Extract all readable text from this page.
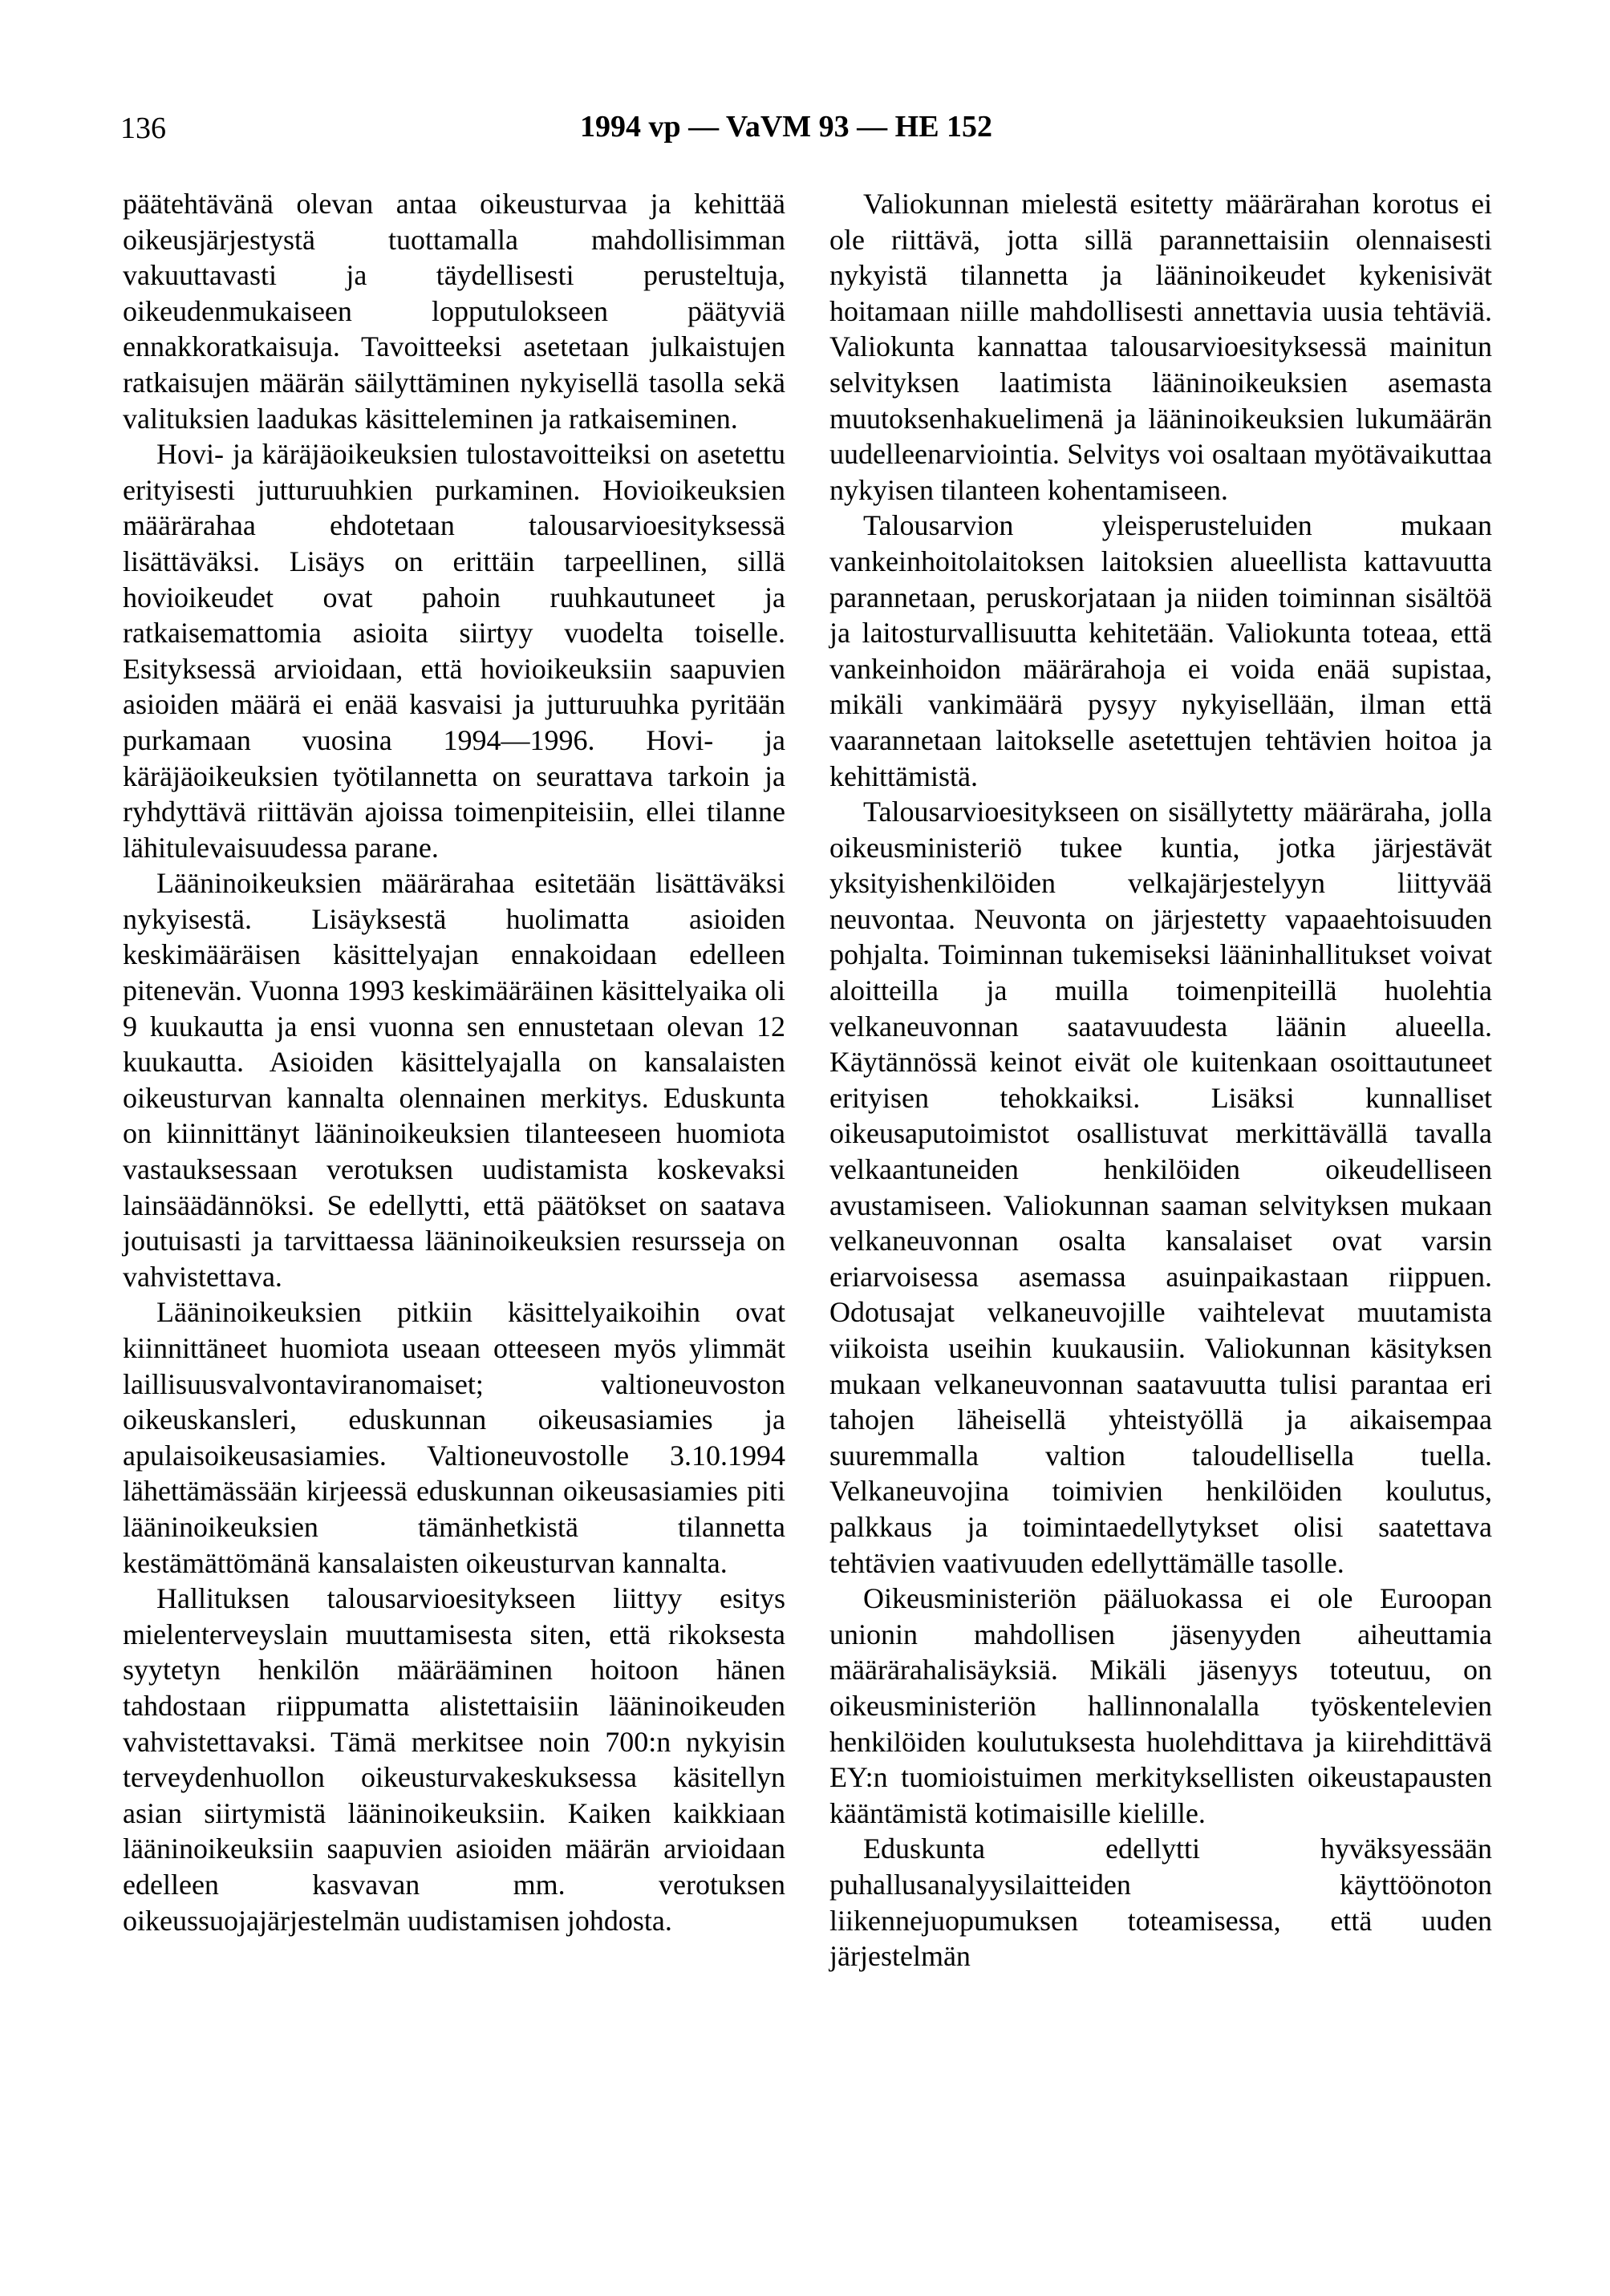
136	1994 vp — VaVM 93 — HE 152

päätehtävänä olevan antaa oikeusturvaa ja kehittää oikeusjärjestystä tuottamalla mahdollisimman vakuuttavasti ja täydellisesti perusteltuja, oikeudenmukaiseen lopputulokseen päätyviä ennakkoratkaisuja. Tavoitteeksi asetetaan julkaistujen ratkaisujen määrän säilyttäminen nykyisellä tasolla sekä valituksien laadukas käsitteleminen ja ratkaiseminen.

Hovi- ja käräjäoikeuksien tulostavoitteiksi on asetettu erityisesti jutturuuhkien purkaminen. Hovioikeuksien määrärahaa ehdotetaan talousarvioesityksessä lisättäväksi. Lisäys on erittäin tarpeellinen, sillä hovioikeudet ovat pahoin ruuhkautuneet ja ratkaisemattomia asioita siirtyy vuodelta toiselle. Esityksessä arvioidaan, että hovioikeuksiin saapuvien asioiden määrä ei enää kasvaisi ja jutturuuhka pyritään purkamaan vuosina 1994—1996. Hovi- ja käräjäoikeuksien työtilannetta on seurattava tarkoin ja ryhdyttävä riittävän ajoissa toimenpiteisiin, ellei tilanne lähitulevaisuudessa parane.

Lääninoikeuksien määrärahaa esitetään lisättäväksi nykyisestä. Lisäyksestä huolimatta asioiden keskimääräisen käsittelyajan ennakoidaan edelleen pitenevän. Vuonna 1993 keskimääräinen käsittelyaika oli 9 kuukautta ja ensi vuonna sen ennustetaan olevan 12 kuukautta. Asioiden käsittelyajalla on kansalaisten oikeusturvan kannalta olennainen merkitys. Eduskunta on kiinnittänyt lääninoikeuksien tilanteeseen huomiota vastauksessaan verotuksen uudistamista koskevaksi lainsäädännöksi. Se edellytti, että päätökset on saatava joutuisasti ja tarvittaessa lääninoikeuksien resursseja on vahvistettava.

Lääninoikeuksien pitkiin käsittelyaikoihin ovat kiinnittäneet huomiota useaan otteeseen myös ylimmät laillisuusvalvontaviranomaiset; valtioneuvoston oikeuskansleri, eduskunnan oikeusasiamies ja apulaisoikeusasiamies. Valtioneuvostolle 3.10.1994 lähettämässään kirjeessä eduskunnan oikeusasiamies piti lääninoikeuksien tämänhetkistä tilannetta kestämättömänä kansalaisten oikeusturvan kannalta.

Hallituksen talousarvioesitykseen liittyy esitys mielenterveyslain muuttamisesta siten, että rikoksesta syytetyn henkilön määrääminen hoitoon hänen tahdostaan riippumatta alistettaisiin lääninoikeuden vahvistettavaksi. Tämä merkitsee noin 700:n nykyisin terveydenhuollon oikeusturvakeskuksessa käsitellyn asian siirtymistä lääninoikeuksiin. Kaiken kaikkiaan lääninoikeuksiin saapuvien asioiden määrän arvioidaan edelleen kasvavan mm. verotuksen oikeussuojajärjestelmän uudistamisen johdosta.

Valiokunnan mielestä esitetty määrärahan korotus ei ole riittävä, jotta sillä parannettaisiin olennaisesti nykyistä tilannetta ja lääninoikeudet kykenisivät hoitamaan niille mahdollisesti annettavia uusia tehtäviä. Valiokunta kannattaa talousarvioesityksessä mainitun selvityksen laatimista lääninoikeuksien asemasta muutoksenhakuelimenä ja lääninoikeuksien lukumäärän uudelleenarviointia. Selvitys voi osaltaan myötävaikuttaa nykyisen tilanteen kohentamiseen.

Talousarvion yleisperusteluiden mukaan vankeinhoitolaitoksen laitoksien alueellista kattavuutta parannetaan, peruskorjataan ja niiden toiminnan sisältöä ja laitosturvallisuutta kehitetään. Valiokunta toteaa, että vankeinhoidon määrärahoja ei voida enää supistaa, mikäli vankimäärä pysyy nykyisellään, ilman että vaarannetaan laitokselle asetettujen tehtävien hoitoa ja kehittämistä.

Talousarvioesitykseen on sisällytetty määräraha, jolla oikeusministeriö tukee kuntia, jotka järjestävät yksityishenkilöiden velkajärjestelyyn liittyvää neuvontaa. Neuvonta on järjestetty vapaaehtoisuuden pohjalta. Toiminnan tukemiseksi lääninhallitukset voivat aloitteilla ja muilla toimenpiteillä huolehtia velkaneuvonnan saatavuudesta läänin alueella. Käytännössä keinot eivät ole kuitenkaan osoittautuneet erityisen tehokkaiksi. Lisäksi kunnalliset oikeusaputoimistot osallistuvat merkittävällä tavalla velkaantuneiden henkilöiden oikeudelliseen avustamiseen. Valiokunnan saaman selvityksen mukaan velkaneuvonnan osalta kansalaiset ovat varsin eriarvoisessa asemassa asuinpaikastaan riippuen. Odotusajat velkaneuvojille vaihtelevat muutamista viikoista useihin kuukausiin. Valiokunnan käsityksen mukaan velkaneuvonnan saatavuutta tulisi parantaa eri tahojen läheisellä yhteistyöllä ja aikaisempaa suuremmalla valtion taloudellisella tuella. Velkaneuvojina toimivien henkilöiden koulutus, palkkaus ja toimintaedellytykset olisi saatettava tehtävien vaativuuden edellyttämälle tasolle.

Oikeusministeriön pääluokassa ei ole Euroopan unionin mahdollisen jäsenyyden aiheuttamia määrärahalisäyksiä. Mikäli jäsenyys toteutuu, on oikeusministeriön hallinnonalalla työskentelevien henkilöiden koulutuksesta huolehdittava ja kiirehdittävä EY:n tuomioistuimen merkityksellisten oikeustapausten kääntämistä kotimaisille kielille.

Eduskunta edellytti hyväksyessään puhallusanalyysilaitteiden käyttöönoton liikennejuopumuksen toteamisessa, että uuden järjestelmän
